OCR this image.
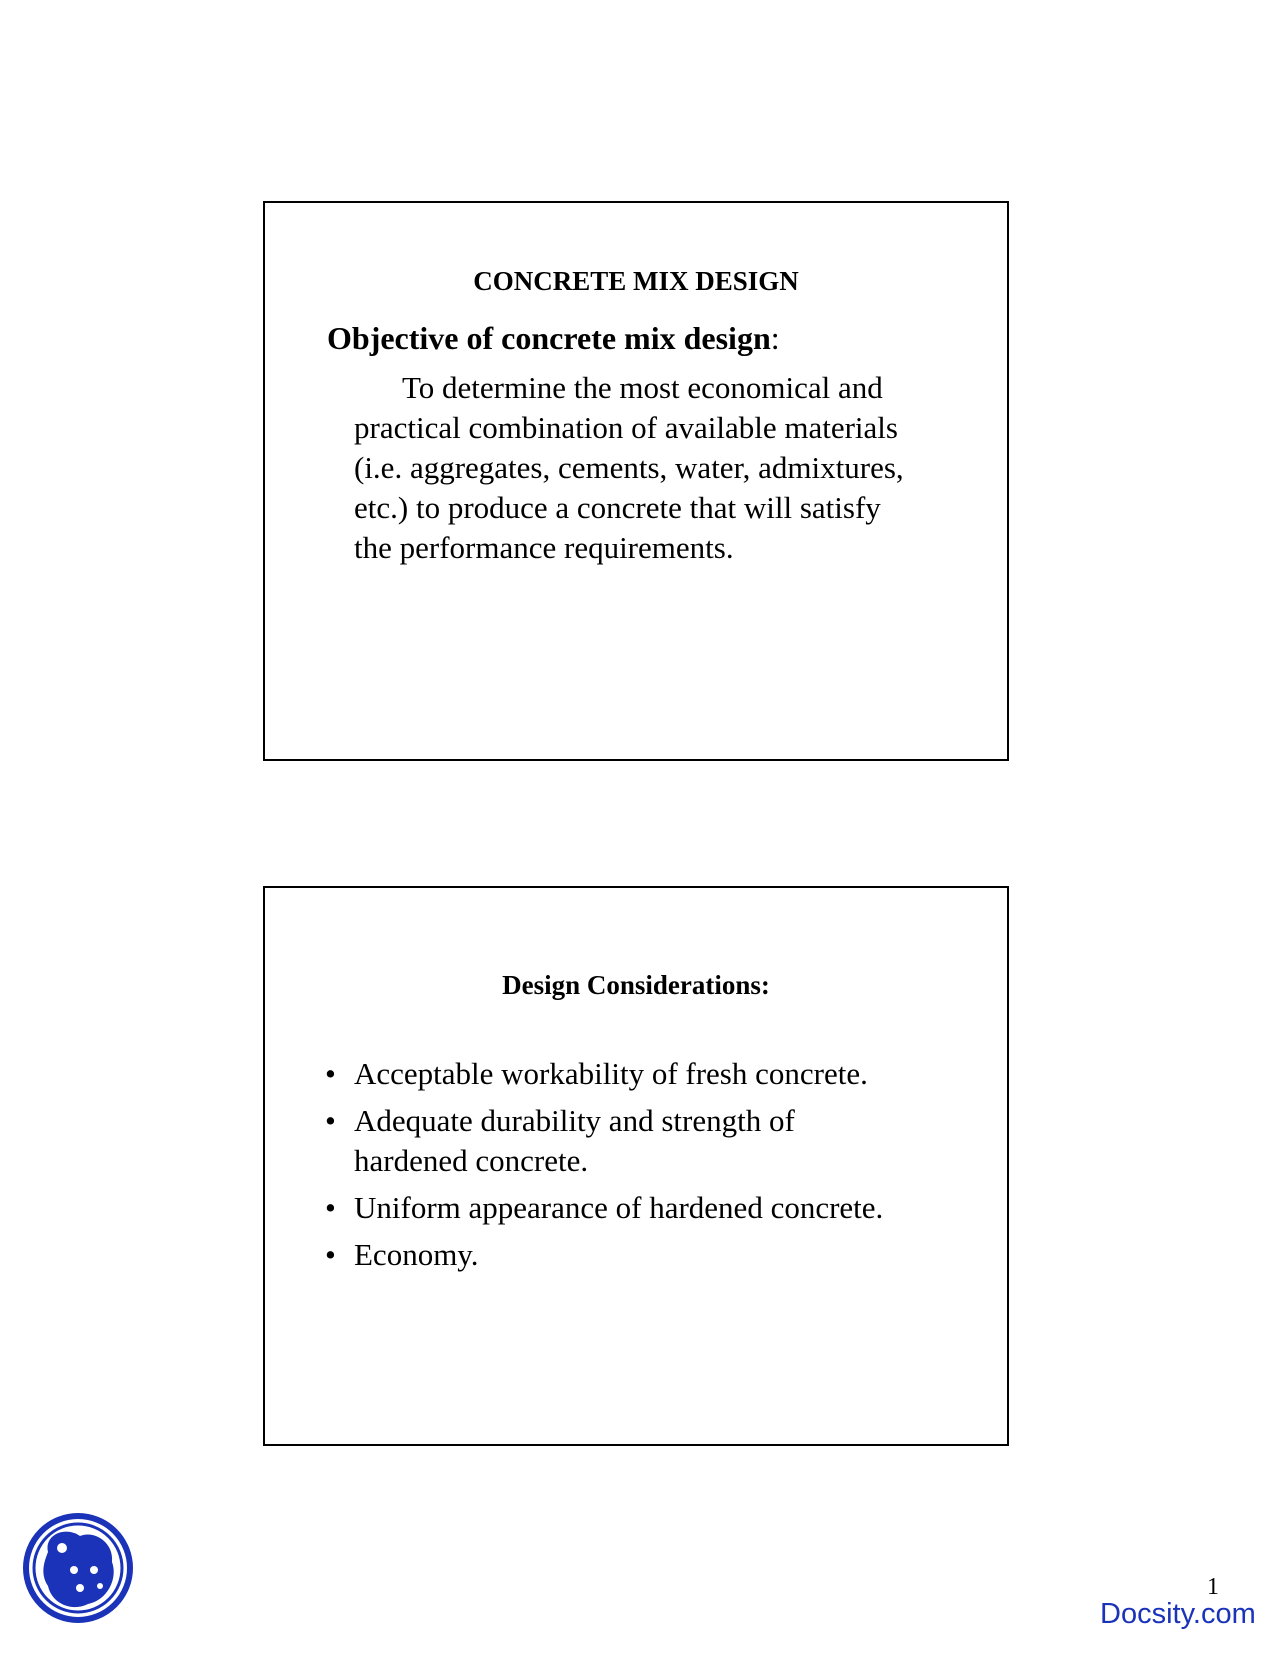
CONCRETE MIX DESIGN
Objective of concrete mix design:
To determine the most economical and
practical combination of available materials
(i.e. aggregates, cements, water, admixtures,
etc.) to produce a concrete that will satisfy
the performance requirements.
Design Considerations:
• Acceptable workability of fresh concrete.
• Adequate durability and strength of
hardened concrete.
• Uniform appearance of hardened concrete.
• Economy.
1
Docsity.com
